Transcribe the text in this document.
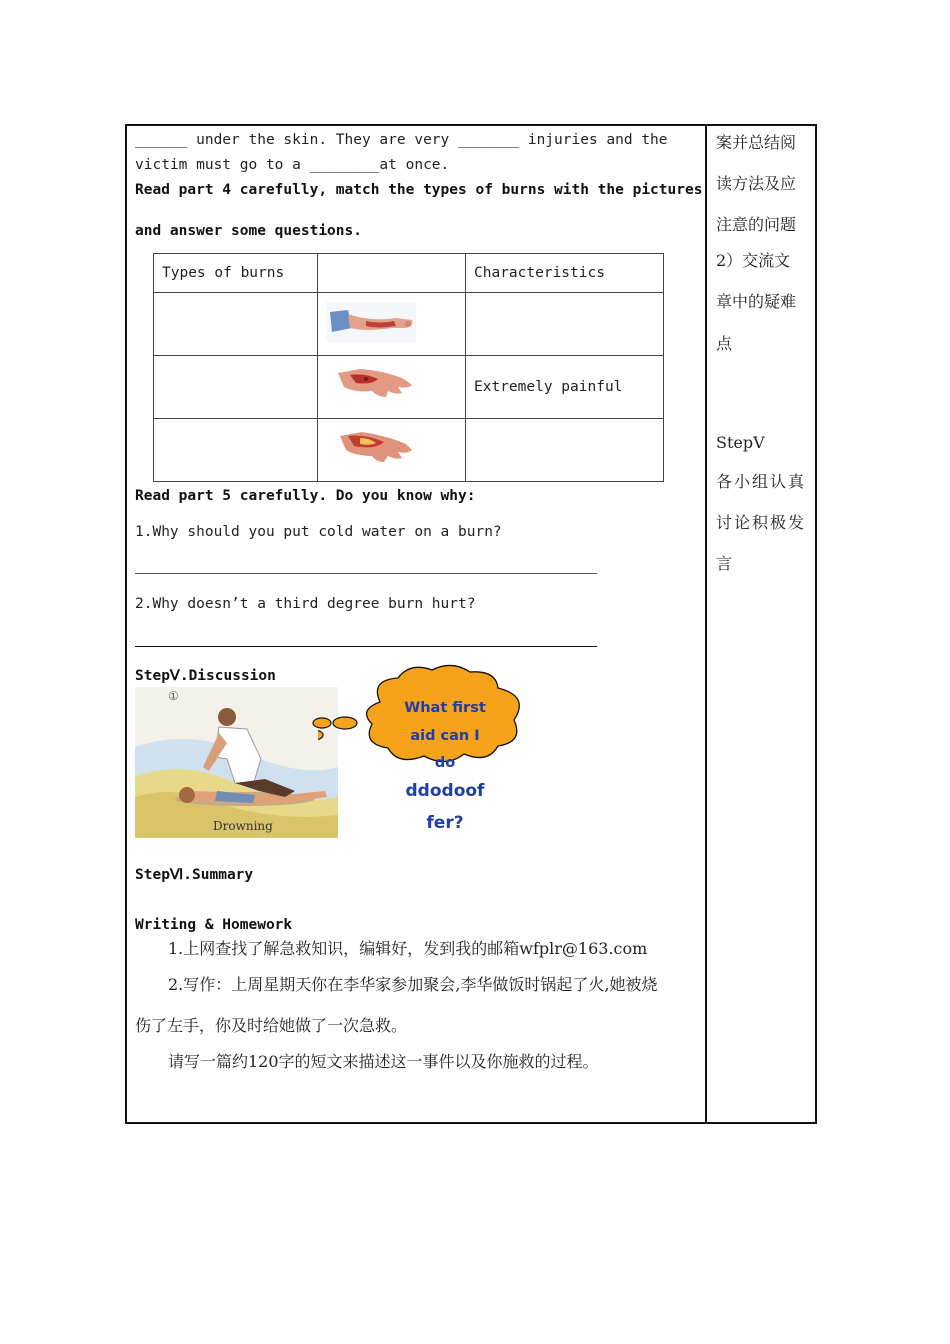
______ under the skin. They are very _______ injuries and the
victim must go to a ________at once.
Read part 4 carefully, match the types of burns with the pictures
and answer some questions.
Types of burns		Characteristics

		Extremely painful

Read part 5 carefully. Do you know why:
1.Why should you put cold water on a burn?
2.Why doesn’t a third degree burn hurt?
StepⅤ.Discussion
①
Drowning
What first
aid can I
do
ddodoof
fer?
StepⅥ.Summary
Writing & Homework
1.上网查找了解急救知识，编辑好，发到我的邮箱wfplr@163.com
2.写作：上周星期天你在李华家参加聚会,李华做饭时锅起了火,她被烧
伤了左手，你及时给她做了一次急救。
请写一篇约120字的短文来描述这一事件以及你施救的过程。
案并总结阅
读方法及应
注意的问题
2）交流文
章中的疑难
点
StepⅤ
各小组认真
讨论积极发
言
